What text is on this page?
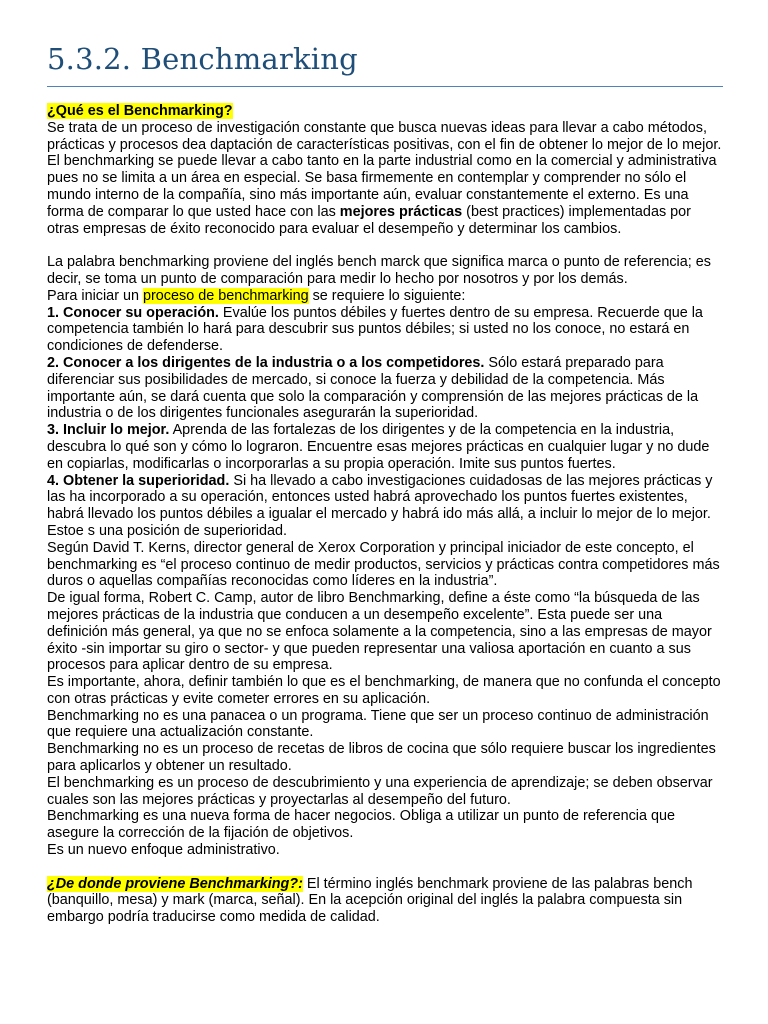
5.3.2. Benchmarking

¿Qué es el Benchmarking?

Se trata de un proceso de investigación constante que busca nuevas ideas para llevar a cabo métodos, prácticas y procesos dea daptación de características positivas, con el fin de obtener lo mejor de lo mejor. El benchmarking se puede llevar a cabo tanto en la parte industrial como en la comercial y administrativa pues no se limita a un área en especial. Se basa firmemente en contemplar y comprender no sólo el mundo interno de la compañía, sino más importante aún, evaluar constantemente el externo. Es una forma de comparar lo que usted hace con las mejores prácticas (best practices) implementadas por otras empresas de éxito reconocido para evaluar el desempeño y determinar los cambios.

La palabra benchmarking proviene del inglés bench marck que significa marca o punto de referencia; es decir, se toma un punto de comparación para medir lo hecho por nosotros y por los demás.

Para iniciar un proceso de benchmarking se requiere lo siguiente:

1. Conocer su operación. Evalúe los puntos débiles y fuertes dentro de su empresa. Recuerde que la competencia también lo hará para descubrir sus puntos débiles; si usted no los conoce, no estará en condiciones de defenderse.

2. Conocer a los dirigentes de la industria o a los competidores. Sólo estará preparado para diferenciar sus posibilidades de mercado, si conoce la fuerza y debilidad de la competencia. Más importante aún, se dará cuenta que solo la comparación y comprensión de las mejores prácticas de la industria o de los dirigentes funcionales asegurarán la superioridad.

3. Incluir lo mejor. Aprenda de las fortalezas de los dirigentes y de la competencia en la industria, descubra lo qué son y cómo lo lograron. Encuentre esas mejores prácticas en cualquier lugar y no dude en copiarlas, modificarlas o incorporarlas a su propia operación. Imite sus puntos fuertes.

4. Obtener la superioridad. Si ha llevado a cabo investigaciones cuidadosas de las mejores prácticas y las ha incorporado a su operación, entonces usted habrá aprovechado los puntos fuertes existentes, habrá llevado los puntos débiles a igualar el mercado y habrá ido más allá, a incluir lo mejor de lo mejor. Estoe s una posición de superioridad.

Según David T. Kerns, director general de Xerox Corporation y principal iniciador de este concepto, el benchmarking es “el proceso continuo de medir productos, servicios y prácticas contra competidores más duros o aquellas compañías reconocidas como líderes en la industria”.

De igual forma, Robert C. Camp, autor de libro Benchmarking, define a éste como “la búsqueda de las mejores prácticas de la industria que conducen a un desempeño excelente”. Esta puede ser una definición más general, ya que no se enfoca solamente a la competencia, sino a las empresas de mayor éxito -sin importar su giro o sector- y que pueden representar una valiosa aportación en cuanto a sus procesos para aplicar dentro de su empresa.

Es importante, ahora, definir también lo que es el benchmarking, de manera que no confunda el concepto con otras prácticas y evite cometer errores en su aplicación.

Benchmarking no es una panacea o un programa. Tiene que ser un proceso continuo de administración que requiere una actualización constante.

Benchmarking no es un proceso de recetas de libros de cocina que sólo requiere buscar los ingredientes para aplicarlos y obtener un resultado.

El benchmarking es un proceso de descubrimiento y una experiencia de aprendizaje; se deben observar cuales son las mejores prácticas y proyectarlas al desempeño del futuro.

Benchmarking es una nueva forma de hacer negocios. Obliga a utilizar un punto de referencia que asegure la corrección de la fijación de objetivos.

Es un nuevo enfoque administrativo.

¿De donde proviene Benchmarking?: El término inglés benchmark proviene de las palabras bench (banquillo, mesa) y mark (marca, señal). En la acepción original del inglés la palabra compuesta sin embargo podría traducirse como medida de calidad.
